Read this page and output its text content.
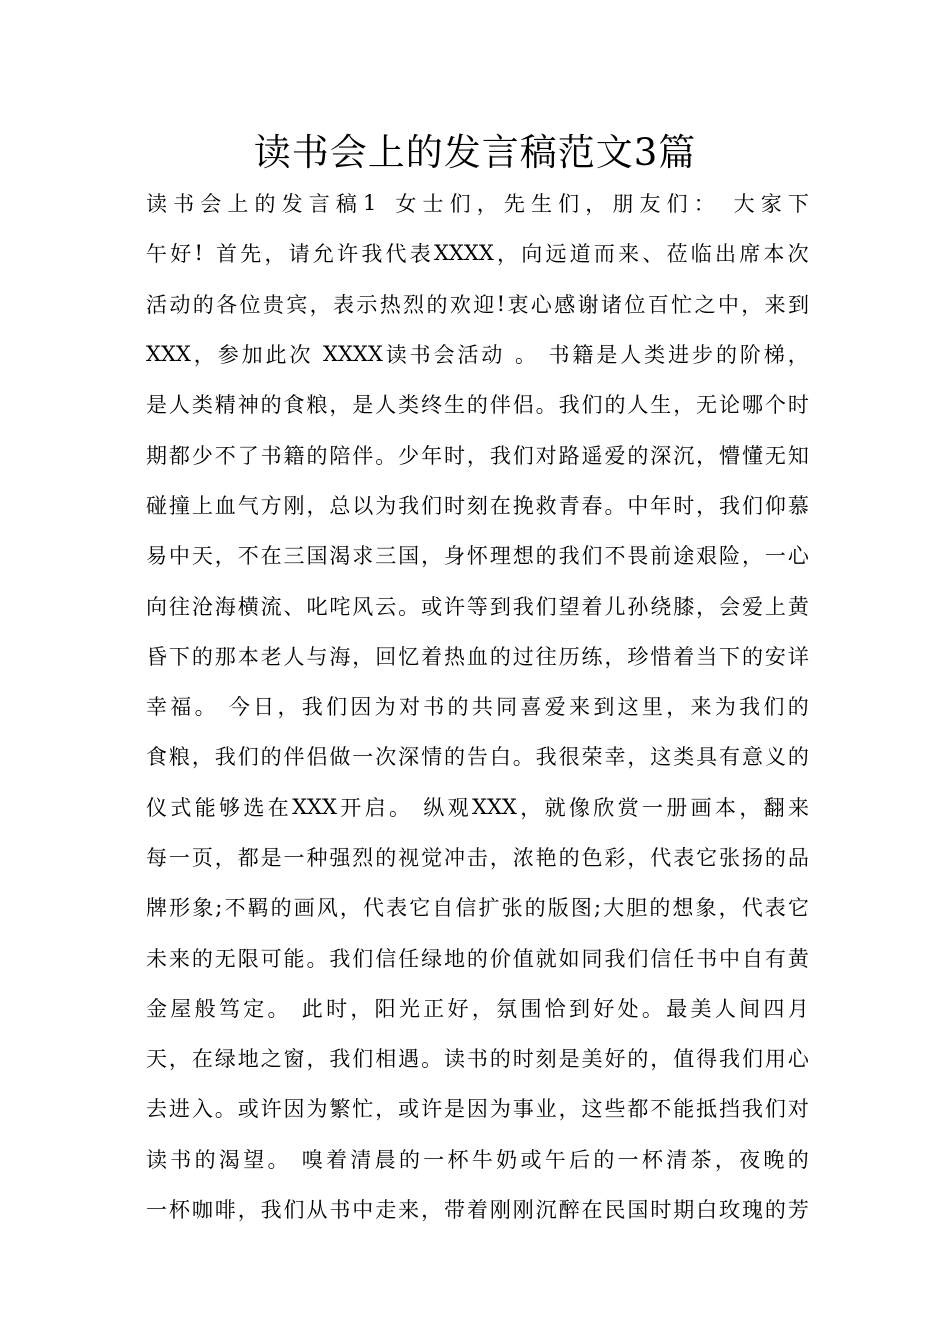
读书会上的发言稿范文3篇
读 书 会 上 的 发 言 稿 1
女 士 们 ， 先 生 们 ， 朋 友 们 ：
大 家 下
午 好 !
首 先 ， 请 允 许 我 代 表 XXXX ， 向 远 道 而 来 、 莅 临 出 席 本 次
活 动 的 各 位 贵 宾 ， 表 示 热 烈 的 欢 迎 ! 衷 心 感 谢 诸 位 百 忙 之 中 ， 来 到
XXX ， 参 加 此 次
XXXX 读 书 会 活 动
。
书 籍 是 人 类 进 步 的 阶 梯 ，
是 人 类 精 神 的 食 粮 ， 是 人 类 终 生 的 伴 侣 。 我 们 的 人 生 ， 无 论 哪 个 时
期 都 少 不 了 书 籍 的 陪 伴 。 少 年 时 ， 我 们 对 路 遥 爱 的 深 沉 ， 懵 懂 无 知
碰 撞 上 血 气 方 刚 ， 总 以 为 我 们 时 刻 在 挽 救 青 春 。 中 年 时 ， 我 们 仰 慕
易 中 天 ， 不 在 三 国 渴 求 三 国 ， 身 怀 理 想 的 我 们 不 畏 前 途 艰 险 ， 一 心
向 往 沧 海 横 流 、 叱 咤 风 云 。 或 许 等 到 我 们 望 着 儿 孙 绕 膝 ， 会 爱 上 黄
昏 下 的 那 本 老 人 与 海 ， 回 忆 着 热 血 的 过 往 历 练 ， 珍 惜 着 当 下 的 安 详
幸 福 。
今 日 ， 我 们 因 为 对 书 的 共 同 喜 爱 来 到 这 里 ， 来 为 我 们 的
食 粮 ， 我 们 的 伴 侣 做 一 次 深 情 的 告 白 。 我 很 荣 幸 ， 这 类 具 有 意 义 的
仪 式 能 够 选 在 XXX 开 启 。
纵 观 XXX ， 就 像 欣 赏 一 册 画 本 ， 翻 来
每 一 页 ， 都 是 一 种 强 烈 的 视 觉 冲 击 ， 浓 艳 的 色 彩 ， 代 表 它 张 扬 的 品
牌 形 象 ; 不 羁 的 画 风 ， 代 表 它 自 信 扩 张 的 版 图 ; 大 胆 的 想 象 ， 代 表 它
未 来 的 无 限 可 能 。 我 们 信 任 绿 地 的 价 值 就 如 同 我 们 信 任 书 中 自 有 黄
金 屋 般 笃 定 。
此 时 ， 阳 光 正 好 ， 氛 围 恰 到 好 处 。 最 美 人 间 四 月
天 ， 在 绿 地 之 窗 ， 我 们 相 遇 。 读 书 的 时 刻 是 美 好 的 ， 值 得 我 们 用 心
去 进 入 。 或 许 因 为 繁 忙 ， 或 许 是 因 为 事 业 ， 这 些 都 不 能 抵 挡 我 们 对
读 书 的 渴 望 。
嗅 着 清 晨 的 一 杯 牛 奶 或 午 后 的 一 杯 清 茶 ， 夜 晚 的
一 杯 咖 啡 ， 我 们 从 书 中 走 来 ， 带 着 刚 刚 沉 醉 在 民 国 时 期 白 玫 瑰 的 芳
